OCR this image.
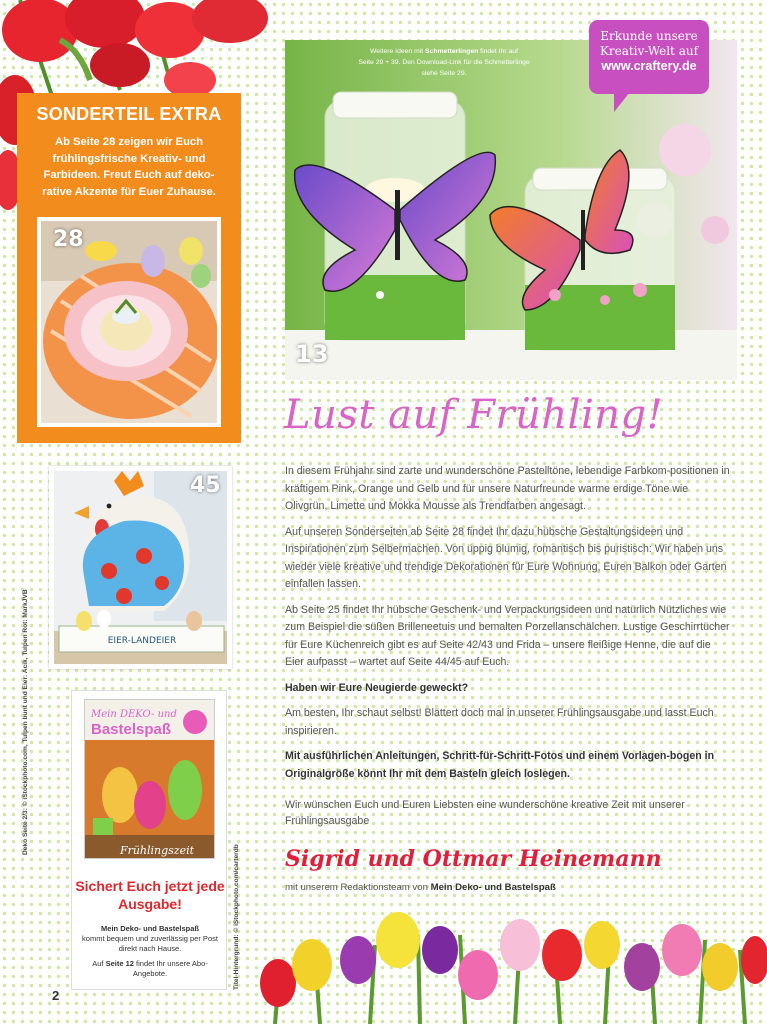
SONDERTEIL EXTRA
Ab Seite 28 zeigen wir Euch frühlingsfrische Kreativ- und Farbideen. Freut Euch auf deko-rative Akzente für Euer Zuhause.
28
EIER-LANDEIER
45
Mein DEKO- und
Bastelspaß
Frühlingszeit
Sichert Euch jetzt jede Ausgabe!
Mein Deko- und Bastelspaß
kommt bequem und zuverlässig per Post direkt nach Hause.
Auf Seite 12 findet Ihr unsere Abo-Angebote.
Deko Seite 2/3: © iStockphoto.com, Tulpen bunt und Eier: Acik, Tulpen Rot: MarkJVB
Titel-Hintergrund: © iStockphoto.com/carterdb
Weitere Ideen mit Schmetterlingen findet Ihr auf
Seite 29 + 39. Den Download-Link für die Schmetterlinge
siehe Seite 29.
13
Erkunde unsere
Kreativ-Welt auf
www.craftery.de
Lust auf Frühling!

In diesem Frühjahr sind zarte und wunderschöne Pastelltöne, lebendige Farbkom-positionen in kräftigem Pink, Orange und Gelb und für unsere Naturfreunde warme erdige Töne wie Olivgrün, Limette und Mokka Mousse als Trendfarben angesagt.

Auf unseren Sonderseiten ab Seite 28 findet Ihr dazu hübsche Gestaltungsideen und Inspirationen zum Selbermachen. Von üppig blumig, romantisch bis puristisch: Wir haben uns wieder viele kreative und trendige Dekorationen für Eure Wohnung, Euren Balkon oder Garten einfallen lassen.

Ab Seite 25 findet Ihr hübsche Geschenk- und Verpackungsideen und natürlich Nützliches wie zum Beispiel die süßen Brilleneetuis und bemalten Porzellanschälchen. Lustige Geschirrtücher für Eure Küchenreich gibt es auf Seite 42/43 und Frida – unsere fleißige Henne, die auf die Eier aufpasst – wartet auf Seite 44/45 auf Euch.

Haben wir Eure Neugierde geweckt?

Am besten, Ihr schaut selbst! Blättert doch mal in unserer Frühlingsausgabe und lasst Euch inspirieren.

Mit ausführlichen Anleitungen, Schritt-für-Schritt-Fotos und einem Vorlagen-bogen in Originalgröße könnt Ihr mit dem Basteln gleich loslegen.

Wir wünschen Euch und Euren Liebsten eine wunderschöne kreative Zeit mit unserer Frühlingsausgabe

Sigrid und Ottmar Heinemann
mit unserem Redaktionsteam von Mein Deko- und Bastelspaß
2
